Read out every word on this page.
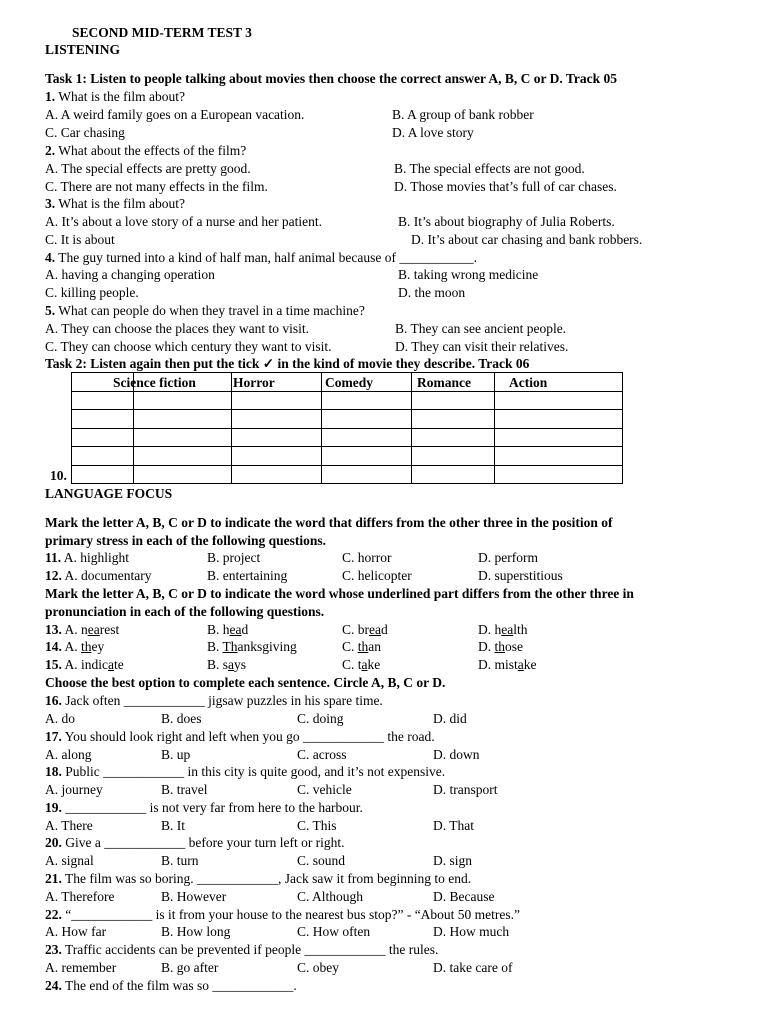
SECOND MID-TERM TEST 3
LISTENING
Task 1: Listen to people talking about movies then choose the correct answer A, B, C or D. Track 05
1. What is the film about?
A. A weird family goes on a European vacation.	B. A group of bank robber
C. Car chasing	D. A love story
2. What about the effects of the film?
A. The special effects are pretty good.	B. The special effects are not good.
C. There are not many effects in the film.	D. Those movies that’s full of car chases.
3. What is the film about?
A. It’s about a love story of a nurse and her patient.	B. It’s about biography of Julia Roberts.
C. It is about	D. It’s about car chasing and bank robbers.
4. The guy turned into a kind of half man, half animal because of ___________.
A. having a changing operation	B. taking wrong medicine
C. killing people.	D. the moon
5. What can people do when they travel in a time machine?
A. They can choose the places they want to visit.	B. They can see ancient people.
C. They can choose which century they want to visit.	D. They can visit their relatives.
Task 2: Listen again then put the tick ✓ in the kind of movie they describe. Track 06

Science fiction	Horror	Comedy	Romance	Action
10.
LANGUAGE FOCUS
Mark the letter A, B, C or D to indicate the word that differs from the other three in the position of
primary stress in each of the following questions.
11. A. highlight	B. project	C. horror	D. perform
12. A. documentary	B. entertaining	C. helicopter	D. superstitious
Mark the letter A, B, C or D to indicate the word whose underlined part differs from the other three in
pronunciation in each of the following questions.
13. A. nearest	B. head	C. bread	D. health
14. A. they	B. Thanksgiving	C. than	D. those
15. A. indicate	B. says	C. take	D. mistake
Choose the best option to complete each sentence. Circle A, B, C or D.
16. Jack often ____________ jigsaw puzzles in his spare time.
A. do	B. does	C. doing	D. did
17. You should look right and left when you go ____________ the road.
A. along	B. up	C. across	D. down
18. Public ____________ in this city is quite good, and it’s not expensive.
A. journey	B. travel	C. vehicle	D. transport
19. ____________ is not very far from here to the harbour.
A. There	B. It	C. This	D. That
20. Give a ____________ before your turn left or right.
A. signal	B. turn	C. sound	D. sign
21. The film was so boring. ____________, Jack saw it from beginning to end.
A. Therefore	B. However	C. Although	D. Because
22. “____________ is it from your house to the nearest bus stop?” - “About 50 metres.”
A. How far	B. How long	C. How often	D. How much
23. Traffic accidents can be prevented if people ____________ the rules.
A. remember	B. go after	C. obey	D. take care of
24. The end of the film was so ____________.
